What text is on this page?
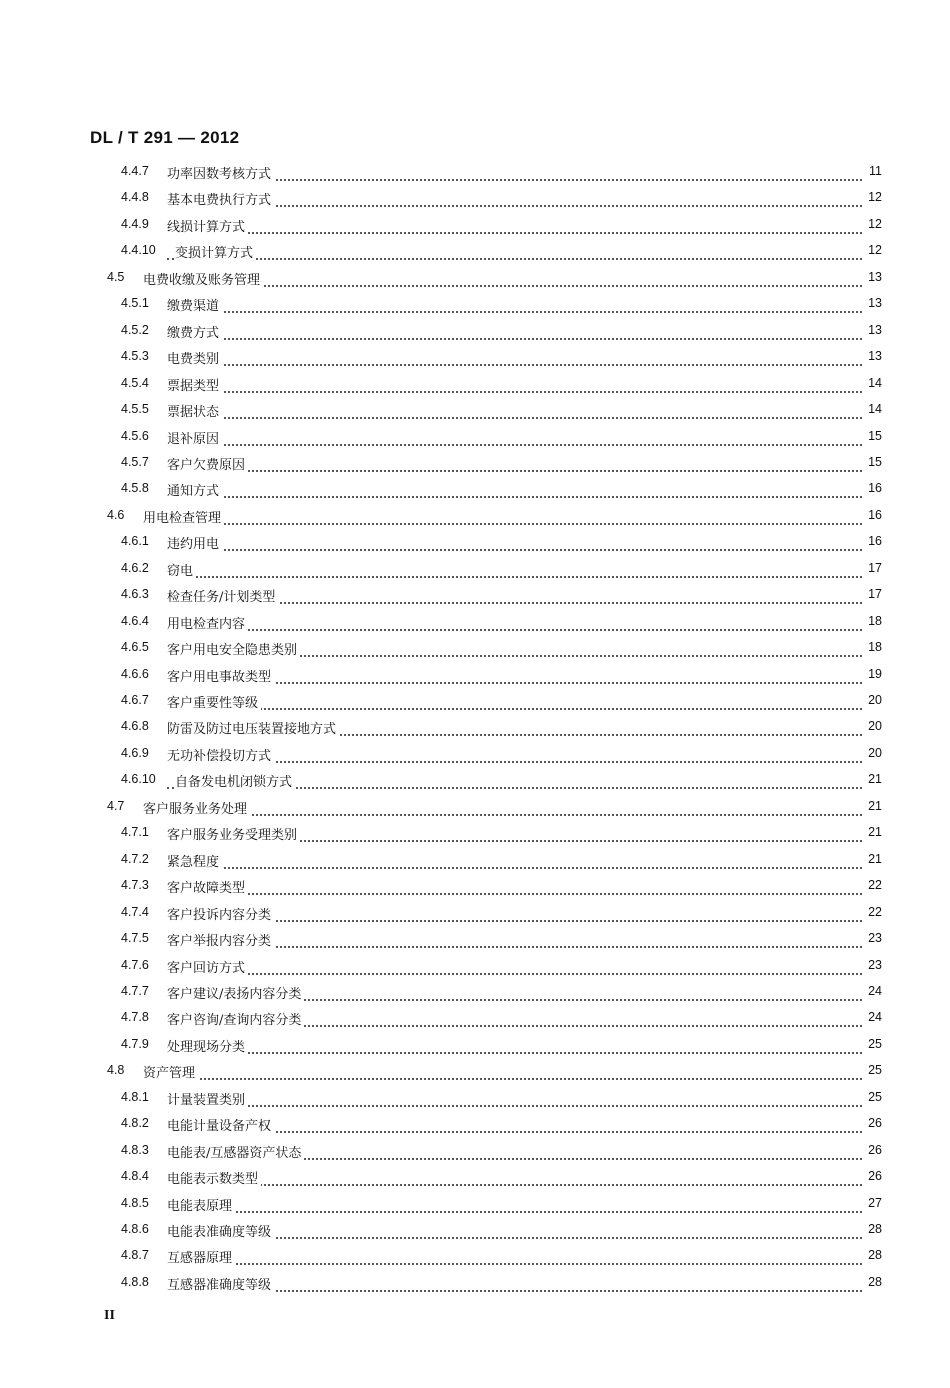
DL / T 291 — 2012
4.4.7 功率因数考核方式	11
4.4.8 基本电费执行方式	12
4.4.9 线损计算方式	12
4.4.10 变损计算方式	12
4.5 电费收缴及账务管理	13
4.5.1 缴费渠道	13
4.5.2 缴费方式	13
4.5.3 电费类别	13
4.5.4 票据类型	14
4.5.5 票据状态	14
4.5.6 退补原因	15
4.5.7 客户欠费原因	15
4.5.8 通知方式	16
4.6 用电检查管理	16
4.6.1 违约用电	16
4.6.2 窃电	17
4.6.3 检查任务/计划类型	17
4.6.4 用电检查内容	18
4.6.5 客户用电安全隐患类别	18
4.6.6 客户用电事故类型	19
4.6.7 客户重要性等级	20
4.6.8 防雷及防过电压装置接地方式	20
4.6.9 无功补偿投切方式	20
4.6.10 自备发电机闭锁方式	21
4.7 客户服务业务处理	21
4.7.1 客户服务业务受理类别	21
4.7.2 紧急程度	21
4.7.3 客户故障类型	22
4.7.4 客户投诉内容分类	22
4.7.5 客户举报内容分类	23
4.7.6 客户回访方式	23
4.7.7 客户建议/表扬内容分类	24
4.7.8 客户咨询/查询内容分类	24
4.7.9 处理现场分类	25
4.8 资产管理	25
4.8.1 计量装置类别	25
4.8.2 电能计量设备产权	26
4.8.3 电能表/互感器资产状态	26
4.8.4 电能表示数类型	26
4.8.5 电能表原理	27
4.8.6 电能表准确度等级	28
4.8.7 互感器原理	28
4.8.8 互感器准确度等级	28
II
